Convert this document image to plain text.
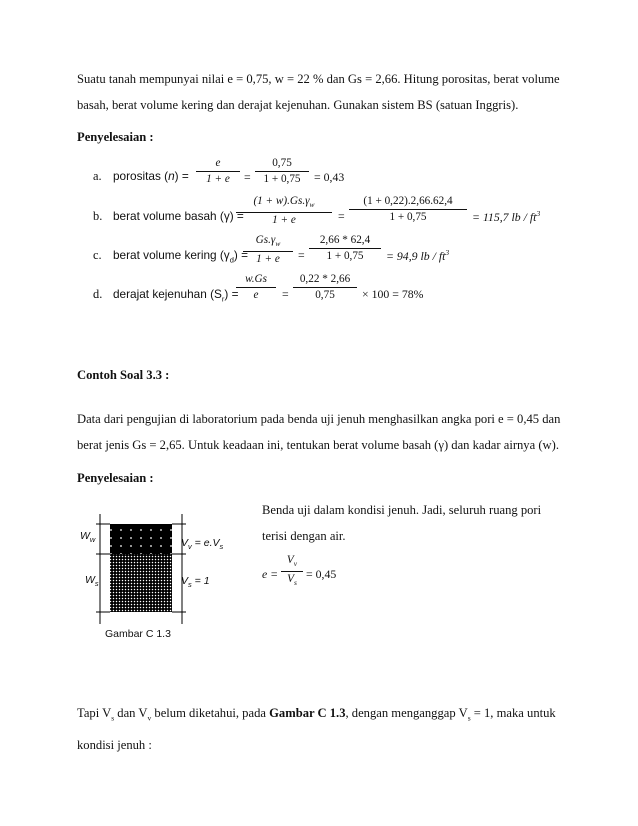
Suatu tanah mempunyai nilai e = 0,75, w = 22 % dan Gs = 2,66. Hitung porositas, berat volume
basah, berat volume kering dan derajat kejenuhan. Gunakan sistem BS (satuan Inggris).
Penyelesaian :
a. porositas $(n) = \frac{e}{1 + e} = \frac{0,75}{1 + 0,75} = 0,43$
b. berat volume basah (γ) =
$\frac{(1 + w).Gs.\gamma_w}{1 + e} = \frac{(1 + 0,22).2,66.62,4}{1 + 0,75} = 115,7$ lb / $ft^3$
c. berat volume kering $(\gamma_d)$ =
$\frac{Gs.\gamma_w}{1 + e} = \frac{2,66 * 62,4}{1 + 0,75} = 94,9$ lb / $ft^3$
d. derajat kejenuhan $(S_r)$ =
$\frac{w.Gs}{e} = \frac{0,22 * 2,66}{0,75} \times 100 = 78\%$
Contoh Soal 3.3 :
Data dari pengujian di laboratorium pada benda uji jenuh menghasilkan angka pori e = 0,45 dan
berat jenis Gs = 2,65. Untuk keadaan ini, tentukan berat volume basah (γ) dan kadar airnya (w).
Penyelesaian :
$W_w$
$W_s$
$V_v = e.V_s$
$V_s = 1$
Gambar C 1.3
Benda uji dalam kondisi jenuh. Jadi, seluruh ruang pori
terisi dengan air.
$e = \frac{V_v}{V_s} = 0,45$
Tapi $V_s$ dan $V_v$ belum diketahui, pada Gambar C 1.3, dengan menganggap $V_s = 1$, maka untuk
kondisi jenuh :
